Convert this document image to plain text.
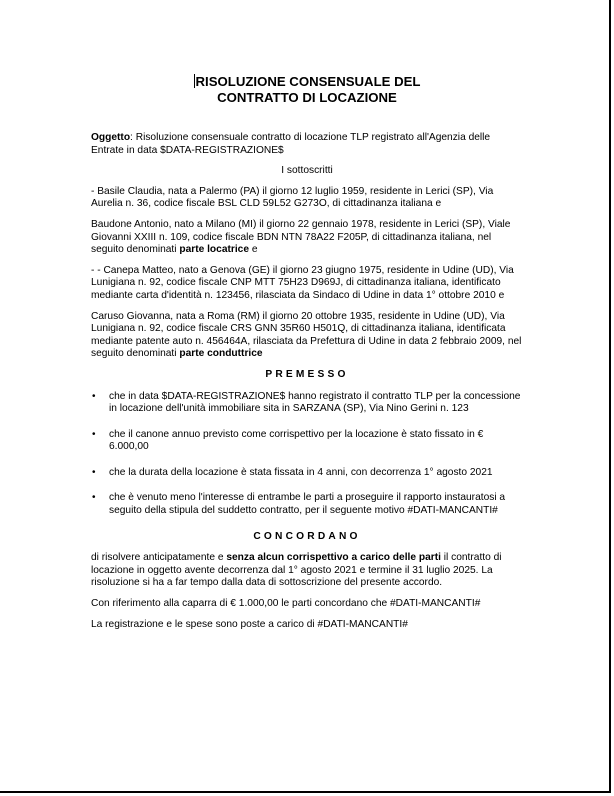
RISOLUZIONE CONSENSUALE DEL
CONTRATTO DI LOCAZIONE

Oggetto: Risoluzione consensuale contratto di locazione TLP registrato all'Agenzia delle Entrate in data $DATA-REGISTRAZIONE$

I sottoscritti

- Basile Claudia, nata a Palermo (PA) il giorno 12 luglio 1959, residente in Lerici (SP), Via Aurelia n. 36, codice fiscale BSL CLD 59L52 G273O, di cittadinanza italiana e

Baudone Antonio, nato a Milano (MI) il giorno 22 gennaio 1978, residente in Lerici (SP), Viale Giovanni XXIII n. 109, codice fiscale BDN NTN 78A22 F205P, di cittadinanza italiana, nel seguito denominati parte locatrice e

- - Canepa Matteo, nato a Genova (GE) il giorno 23 giugno 1975, residente in Udine (UD), Via Lunigiana n. 92, codice fiscale CNP MTT 75H23 D969J, di cittadinanza italiana, identificato mediante carta d'identità n. 123456, rilasciata da Sindaco di Udine in data 1° ottobre 2010 e

Caruso Giovanna, nata a Roma (RM) il giorno 20 ottobre 1935, residente in Udine (UD), Via Lunigiana n. 92, codice fiscale CRS GNN 35R60 H501Q, di cittadinanza italiana, identificata mediante patente auto n. 456464A, rilasciata da Prefettura di Udine in data 2 febbraio 2009, nel seguito denominati parte conduttrice

PREMESSO

• che in data $DATA-REGISTRAZIONE$ hanno registrato il contratto TLP per la concessione in locazione dell'unità immobiliare sita in SARZANA (SP), Via Nino Gerini n. 123
• che il canone annuo previsto come corrispettivo per la locazione è stato fissato in € 6.000,00
• che la durata della locazione è stata fissata in 4 anni, con decorrenza 1° agosto 2021
• che è venuto meno l'interesse di entrambe le parti a proseguire il rapporto instauratosi a seguito della stipula del suddetto contratto, per il seguente motivo #DATI-MANCANTI#

CONCORDANO

di risolvere anticipatamente e senza alcun corrispettivo a carico delle parti il contratto di locazione in oggetto avente decorrenza dal 1° agosto 2021 e termine il 31 luglio 2025. La risoluzione si ha a far tempo dalla data di sottoscrizione del presente accordo.

Con riferimento alla caparra di € 1.000,00 le parti concordano che #DATI-MANCANTI#

La registrazione e le spese sono poste a carico di #DATI-MANCANTI#
